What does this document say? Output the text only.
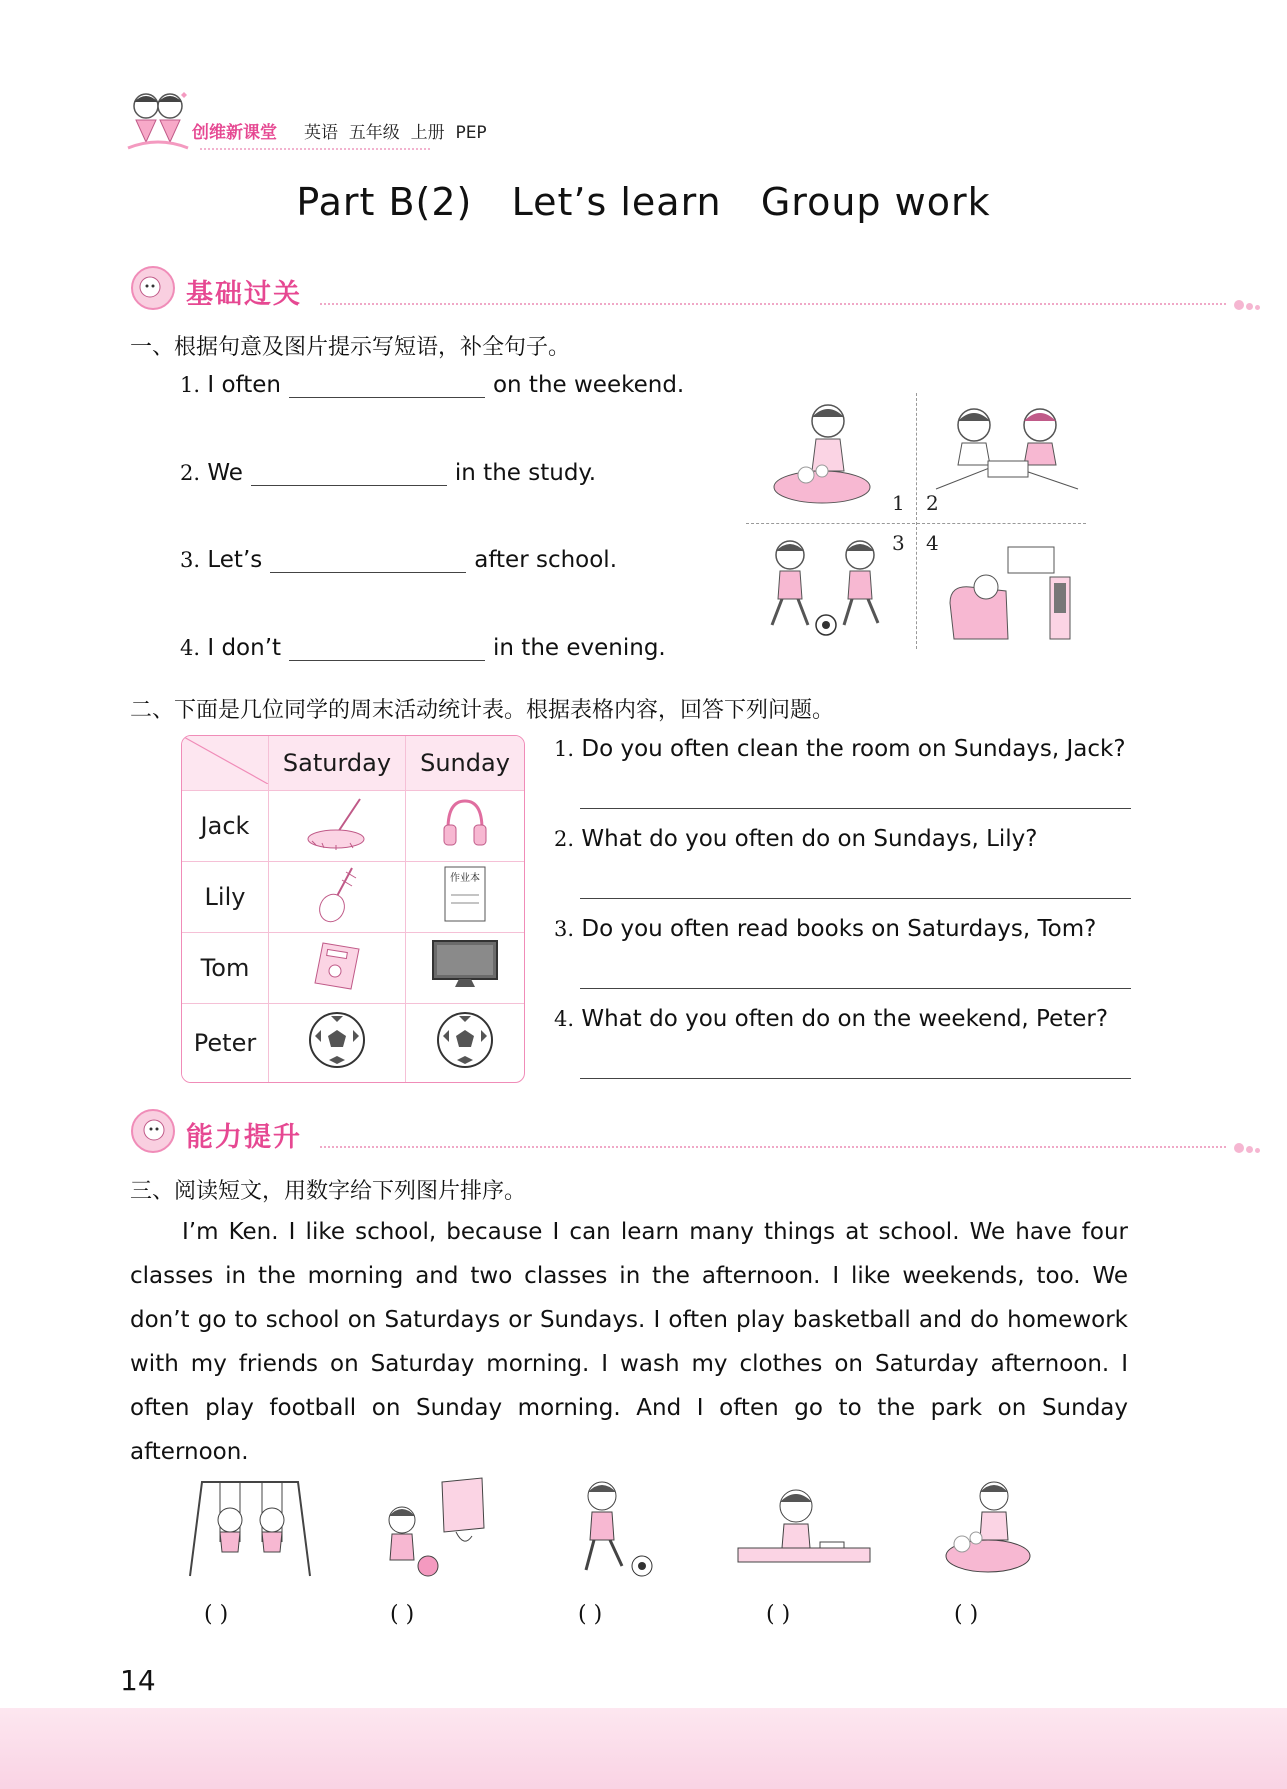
创维新课堂 英语 五年级 上册 PEP
Part B(2)   Let’s learn   Group work
基础过关
一、根据句意及图片提示写短语，补全句子。
1. I often	on the weekend.
2. We	in the study.
3. Let’s	after school.
4. I don’t	in the evening.
1 2
3 4
二、下面是几位同学的周末活动统计表。根据表格内容，回答下列问题。
	Saturday	Sunday
Jack		
Lily		作业本

Tom		
Peter		
1. Do you often clean the room on Sundays, Jack?
2. What do you often do on Sundays, Lily?
3. Do you often read books on Saturdays, Tom?
4. What do you often do on the weekend, Peter?
能力提升
三、阅读短文，用数字给下列图片排序。

I’m Ken. I like school, because I can learn many things at school. We have four classes in the morning and two classes in the afternoon. I like weekends, too. We don’t go to school on Saturdays or Sundays. I often play basketball and do homework with my friends on Saturday morning. I wash my clothes on Saturday afternoon. I often play football on Sunday morning. And I often go to the park on Sunday afternoon.

( )	( )	( )	( )	( )
14
